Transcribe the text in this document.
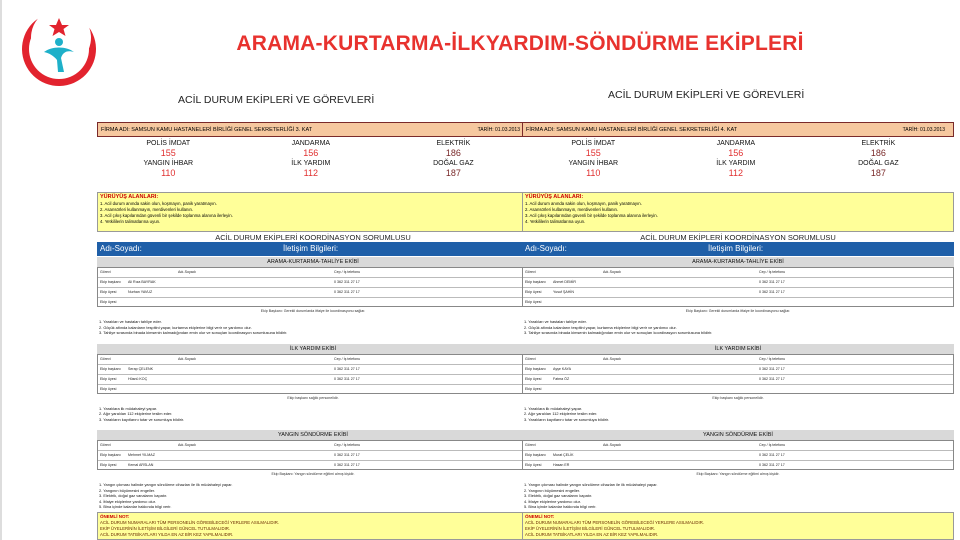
ARAMA-KURTARMA-İLKYARDIM-SÖNDÜRME EKİPLERİ
ACİL DURUM EKİPLERİ VE GÖREVLERİ	ACİL DURUM EKİPLERİ VE GÖREVLERİ
FİRMA ADI: SAMSUN KAMU HASTANELERİ BİRLİĞİ GENEL SEKRETERLİĞİ 3. KAT	TARİH: 01.03.2013
POLİS İMDAT
155
JANDARMA
156
ELEKTRİK
186
YANGIN İHBAR
110
İLK YARDIM
112
DOĞAL GAZ
187
YÜRÜYÜŞ ALANLARI:
1. Acil durum anında sakin olun, koşmayın, panik yaratmayın.
2. Asansörleri kullanmayın, merdivenleri kullanın.
3. Acil çıkış kapılarından güvenli bir şekilde toplanma alanına ilerleyin.
4. Yetkililerin talimatlarına uyun.
ACİL DURUM EKİPLERİ KOORDİNASYON SORUMLUSU
Adı-Soyadı:	İletişim Bilgileri:
ARAMA-KURTARMA-TAHLİYE EKİBİ
Görevi	Adı-Soyadı	Cep / İş telefonu
Ekip başkanı Ali Rıza BAYRAK	0 362 311 27 17
Ekip üyesi	Nurhan YAVUZ	0 362 311 27 17
Ekip üyesi
Ekip Başkanı: Gerekli durumlarda itfaiye ile koordinasyonu sağlar.
1. Yaralıları ve hastaları tahliye eder.
2. Göçük altında kalanların tespitini yapar, kurtarma ekiplerine bilgi verir ve yardımcı olur.
3. Tahliye sırasında binada kimsenin kalmadığından emin olur ve sonuçları koordinasyon sorumlusuna bildirir.
İLK YARDIM EKİBİ
Görevi	Adı-Soyadı	Cep / İş telefonu
Ekip başkanı Serap ÇELENK	0 362 311 27 17
Ekip üyesi	Hüsnü KOÇ	0 362 311 27 17
Ekip üyesi
Ekip başkanı sağlık personelidir.
1. Yaralılara ilk müdahaleyi yapar.
2. Ağır yaralıları 112 ekiplerine teslim eder.
3. Yaralıların kayıtlarını tutar ve sorumluya bildirir.
YANGIN SÖNDÜRME EKİBİ
Görevi	Adı-Soyadı	Cep / İş telefonu
Ekip başkanı Mehmet YILMAZ	0 362 311 27 17
Ekip üyesi	Kemal ARSLAN	0 362 311 27 17
Ekip Başkanı: Yangın söndürme eğitimi almış kişidir.
1. Yangın çıkması halinde yangın söndürme cihazları ile ilk müdahaleyi yapar.
2. Yangının büyümesini engeller.
3. Elektrik, doğal gaz vanalarını kapatır.
4. İtfaiye ekiplerine yardımcı olur.
5. Bina içinde kalanlar hakkında bilgi verir.
ÖNEMLİ NOT:
ACİL DURUM NUMARALARI TÜM PERSONELİN GÖREBİLECEĞİ YERLERE ASILMALIDIR.
EKİP ÜYELERİNİN İLETİŞİM BİLGİLERİ GÜNCEL TUTULMALIDIR.
ACİL DURUM TATBİKATLARI YILDA EN AZ BİR KEZ YAPILMALIDIR.
FİRMA ADI: SAMSUN KAMU HASTANELERİ BİRLİĞİ GENEL SEKRETERLİĞİ 4. KAT	TARİH: 01.03.2013
POLİS İMDAT
155
JANDARMA
156
ELEKTRİK
186
YANGIN İHBAR
110
İLK YARDIM
112
DOĞAL GAZ
187
YÜRÜYÜŞ ALANLARI:
1. Acil durum anında sakin olun, koşmayın, panik yaratmayın.
2. Asansörleri kullanmayın, merdivenleri kullanın.
3. Acil çıkış kapılarından güvenli bir şekilde toplanma alanına ilerleyin.
4. Yetkililerin talimatlarına uyun.
ACİL DURUM EKİPLERİ KOORDİNASYON SORUMLUSU
Adı-Soyadı:	İletişim Bilgileri:
ARAMA-KURTARMA-TAHLİYE EKİBİ
Görevi	Adı-Soyadı	Cep / İş telefonu
Ekip başkanı Ahmet DEMİR	0 362 311 27 17
Ekip üyesi	Yusuf ŞAHİN	0 362 311 27 17
Ekip üyesi
Ekip Başkanı: Gerekli durumlarda itfaiye ile koordinasyonu sağlar.
1. Yaralıları ve hastaları tahliye eder.
2. Göçük altında kalanların tespitini yapar, kurtarma ekiplerine bilgi verir ve yardımcı olur.
3. Tahliye sırasında binada kimsenin kalmadığından emin olur ve sonuçları koordinasyon sorumlusuna bildirir.
İLK YARDIM EKİBİ
Görevi	Adı-Soyadı	Cep / İş telefonu
Ekip başkanı Ayşe KAYA	0 362 311 27 17
Ekip üyesi	Fatma ÖZ	0 362 311 27 17
Ekip üyesi
Ekip başkanı sağlık personelidir.
1. Yaralılara ilk müdahaleyi yapar.
2. Ağır yaralıları 112 ekiplerine teslim eder.
3. Yaralıların kayıtlarını tutar ve sorumluya bildirir.
YANGIN SÖNDÜRME EKİBİ
Görevi	Adı-Soyadı	Cep / İş telefonu
Ekip başkanı Murat ÇELİK	0 362 311 27 17
Ekip üyesi	Hasan ER	0 362 311 27 17
Ekip Başkanı: Yangın söndürme eğitimi almış kişidir.
1. Yangın çıkması halinde yangın söndürme cihazları ile ilk müdahaleyi yapar.
2. Yangının büyümesini engeller.
3. Elektrik, doğal gaz vanalarını kapatır.
4. İtfaiye ekiplerine yardımcı olur.
5. Bina içinde kalanlar hakkında bilgi verir.
ÖNEMLİ NOT:
ACİL DURUM NUMARALARI TÜM PERSONELİN GÖREBİLECEĞİ YERLERE ASILMALIDIR.
EKİP ÜYELERİNİN İLETİŞİM BİLGİLERİ GÜNCEL TUTULMALIDIR.
ACİL DURUM TATBİKATLARI YILDA EN AZ BİR KEZ YAPILMALIDIR.
